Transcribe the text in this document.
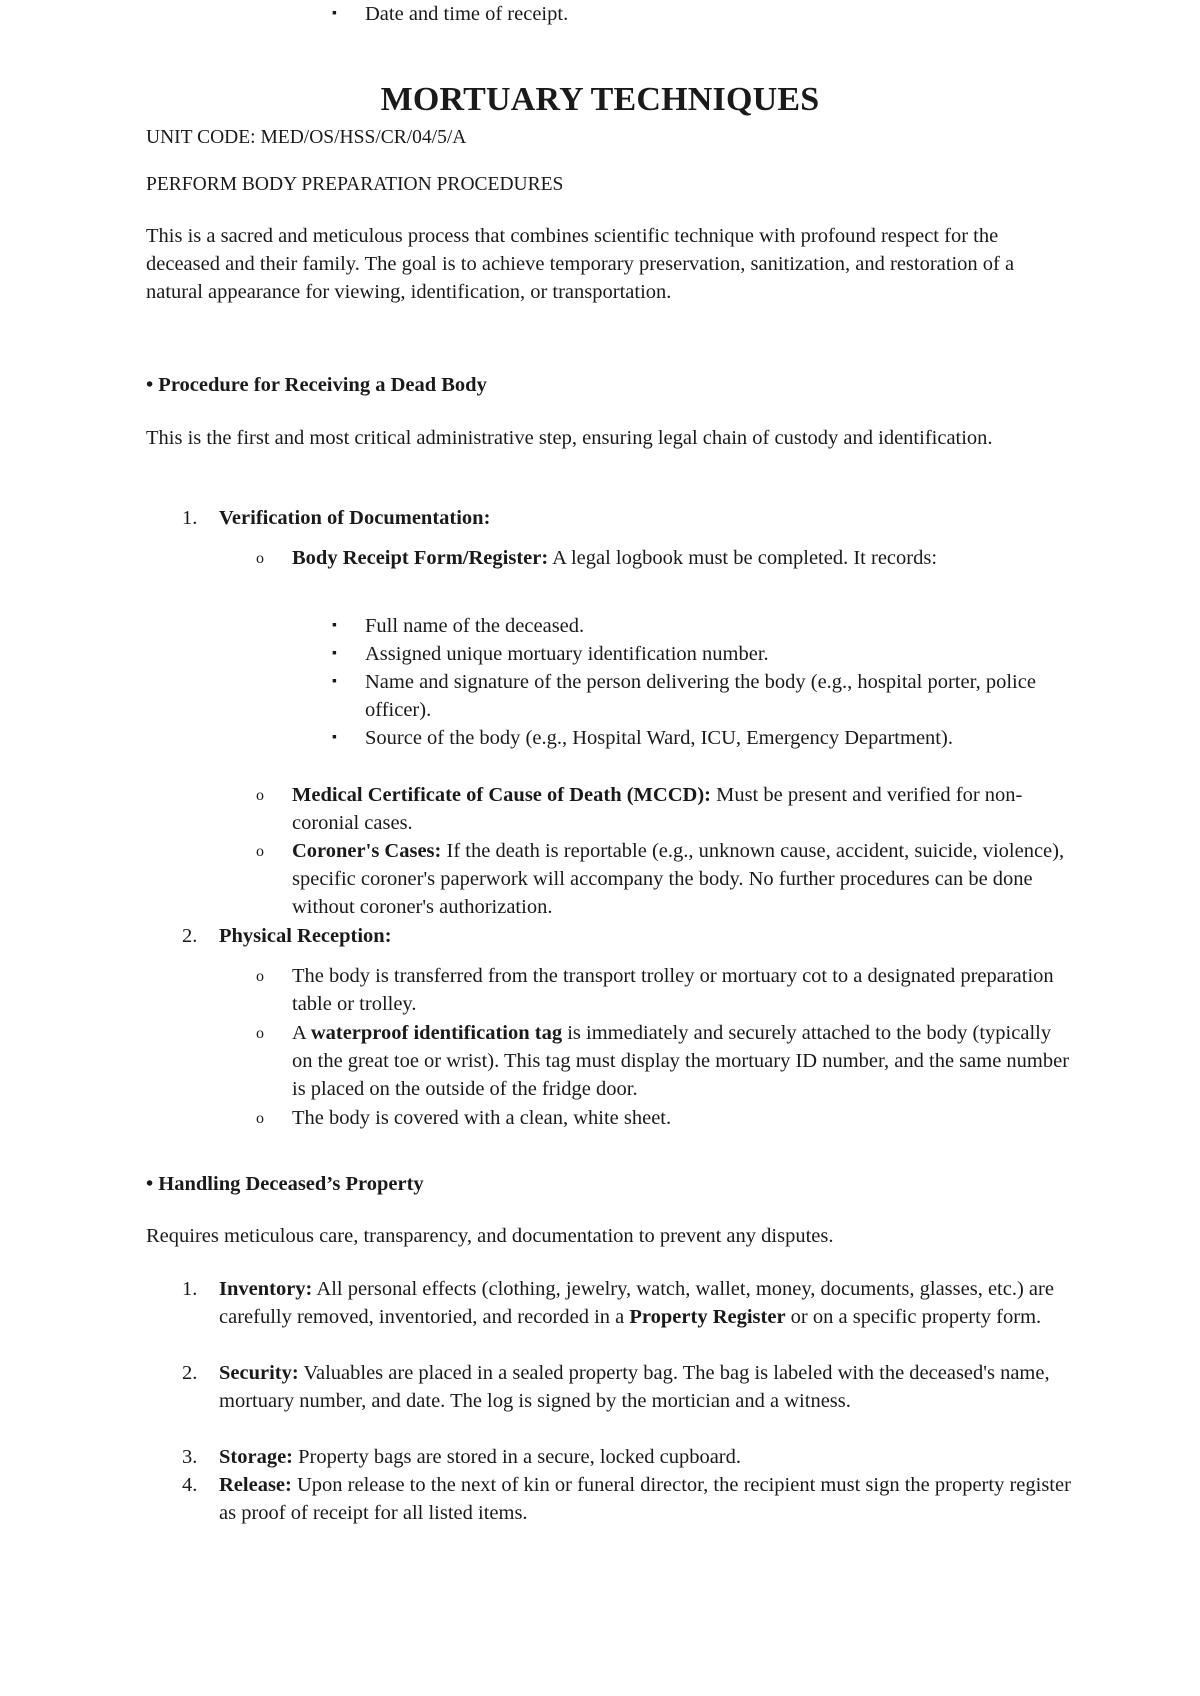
MORTUARY TECHNIQUES

UNIT CODE: MED/OS/HSS/CR/04/5/A

PERFORM BODY PREPARATION PROCEDURES

This is a sacred and meticulous process that combines scientific technique with profound respect for the deceased and their family. The goal is to achieve temporary preservation, sanitization, and restoration of a natural appearance for viewing, identification, or transportation.

• Procedure for Receiving a Dead Body

This is the first and most critical administrative step, ensuring legal chain of custody and identification.

1. Verification of Documentation:
o Body Receipt Form/Register: A legal logbook must be completed. It records:
▪ Date and time of receipt.
▪ Full name of the deceased.
▪ Assigned unique mortuary identification number.
▪ Name and signature of the person delivering the body (e.g., hospital porter, police officer).
▪ Source of the body (e.g., Hospital Ward, ICU, Emergency Department).
o Medical Certificate of Cause of Death (MCCD): Must be present and verified for non-coronial cases.
o Coroner's Cases: If the death is reportable (e.g., unknown cause, accident, suicide, violence), specific coroner's paperwork will accompany the body. No further procedures can be done without coroner's authorization.
2. Physical Reception:
o The body is transferred from the transport trolley or mortuary cot to a designated preparation table or trolley.
o A waterproof identification tag is immediately and securely attached to the body (typically on the great toe or wrist). This tag must display the mortuary ID number, and the same number is placed on the outside of the fridge door.
o The body is covered with a clean, white sheet.

• Handling Deceased’s Property

Requires meticulous care, transparency, and documentation to prevent any disputes.

1. Inventory: All personal effects (clothing, jewelry, watch, wallet, money, documents, glasses, etc.) are carefully removed, inventoried, and recorded in a Property Register or on a specific property form.
2. Security: Valuables are placed in a sealed property bag. The bag is labeled with the deceased's name, mortuary number, and date. The log is signed by the mortician and a witness.
3. Storage: Property bags are stored in a secure, locked cupboard.
4. Release: Upon release to the next of kin or funeral director, the recipient must sign the property register as proof of receipt for all listed items.
